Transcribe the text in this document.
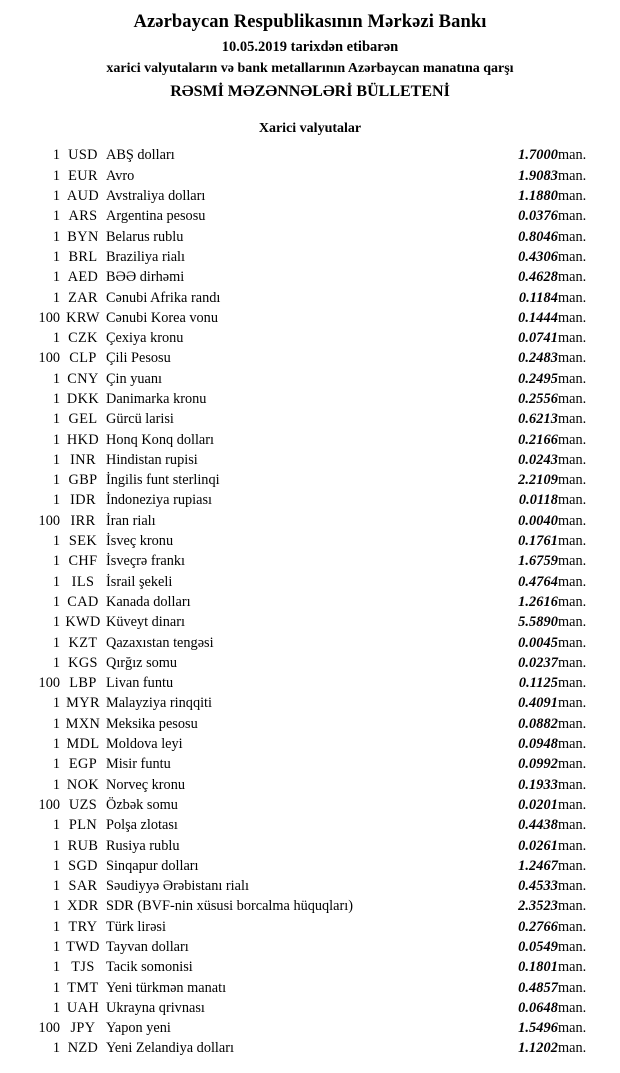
Azərbaycan Respublikasının Mərkəzi Bankı
10.05.2019 tarixdən etibarən
xarici valyutaların və bank metallarının Azərbaycan manatına qarşı
RƏSMİ MƏZƏNNƏLƏRİ BÜLLETENİ
Xarici valyutalar
1	USD	ABŞ dolları	1.7000	man.
1	EUR	Avro	1.9083	man.
1	AUD	Avstraliya dolları	1.1880	man.
1	ARS	Argentina pesosu	0.0376	man.
1	BYN	Belarus rublu	0.8046	man.
1	BRL	Braziliya rialı	0.4306	man.
1	AED	BƏƏ dirhəmi	0.4628	man.
1	ZAR	Cənubi Afrika randı	0.1184	man.
100	KRW	Cənubi Korea vonu	0.1444	man.
1	CZK	Çexiya kronu	0.0741	man.
100	CLP	Çili Pesosu	0.2483	man.
1	CNY	Çin yuanı	0.2495	man.
1	DKK	Danimarka kronu	0.2556	man.
1	GEL	Gürcü larisi	0.6213	man.
1	HKD	Honq Konq dolları	0.2166	man.
1	INR	Hindistan rupisi	0.0243	man.
1	GBP	İngilis funt sterlinqi	2.2109	man.
1	IDR	İndoneziya rupiası	0.0118	man.
100	IRR	İran rialı	0.0040	man.
1	SEK	İsveç kronu	0.1761	man.
1	CHF	İsveçrə frankı	1.6759	man.
1	ILS	İsrail şekeli	0.4764	man.
1	CAD	Kanada dolları	1.2616	man.
1	KWD	Küveyt dinarı	5.5890	man.
1	KZT	Qazaxıstan tengəsi	0.0045	man.
1	KGS	Qırğız somu	0.0237	man.
100	LBP	Livan funtu	0.1125	man.
1	MYR	Malayziya rinqqiti	0.4091	man.
1	MXN	Meksika pesosu	0.0882	man.
1	MDL	Moldova leyi	0.0948	man.
1	EGP	Misir funtu	0.0992	man.
1	NOK	Norveç kronu	0.1933	man.
100	UZS	Özbək somu	0.0201	man.
1	PLN	Polşa zlotası	0.4438	man.
1	RUB	Rusiya rublu	0.0261	man.
1	SGD	Sinqapur dolları	1.2467	man.
1	SAR	Səudiyyə Ərəbistanı rialı	0.4533	man.
1	XDR	SDR (BVF-nin xüsusi borcalma hüquqları)	2.3523	man.
1	TRY	Türk lirəsi	0.2766	man.
1	TWD	Tayvan dolları	0.0549	man.
1	TJS	Tacik somonisi	0.1801	man.
1	TMT	Yeni türkmən manatı	0.4857	man.
1	UAH	Ukrayna qrivnası	0.0648	man.
100	JPY	Yapon yeni	1.5496	man.
1	NZD	Yeni Zelandiya dolları	1.1202	man.
